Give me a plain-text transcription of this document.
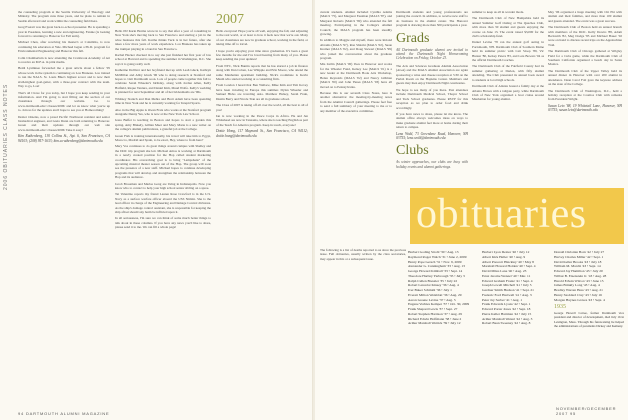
2006 OBITUARIES CLASS NOTES

the counseling program at the Seattle University of Theology and Ministry. The program runs three years, and he plans to remain in Seattle afterward and work within the counseling field there.

Greg Everett was the great back-to-school presenter. He is spending a year in Pasadena, learning a new and engineering. Fannie (is looking forward to returning to Hanover for Fall term).

Michael Chen, after receiving his master's at Columbia, is now continuing his education at Yale. Michael began a Ph.D. program for Environmental Engineering and Hanover this fall.

Colin Chamberlain is now attending the Cranbrook Academy of Art to receive an M.F.A. in print media.

Heidi Lyaminee forwarded me a great article about a fellow '05 whose work in the system is continuing on Lou Bruneau. Lou trained to run the NALS. St. Louis Blue's highest scorer and is now their sixth-highest goal-getter, with a three-year contract with the team. Way to go, Lou!

That's all I have for you today, but I hope you keep sending in your information. And I'm going to start filling out the section of our classmates through our website. Go to www.dartmouth.edu/~classes/2006/ and let us know what you're up to. Join us for the updates and I hope to see you at Homecoming!

Dexter Ornelas, now a proud Pacific Northwest resident and senior biomedical engineer, and Greta Dunn are both returning to Hanover. Green and their updates through our web site www.dartmouth.edu/~classes/2006/ Take it easy!

Kim Ruthenberg, 130 Collins St., Apt. 6, San Francisco, CA 94103; (208) 957-1633; kim.a.ruthenberg@dartmouth.edu

2006

Hello 06! Karin Herma wrote in to say that after a year of consulting in New York she's moving back to San Francisco and starting a job in the wine business this fall. Karthe thinks Tuck is in her future, after she takes a few more years of work experience. Lou Bruneau has taken up the trumpet playing in a band in San Francisco.

Rachel Hacker checked in to say she just finished her first year of law school at Harvard and is spending the summer in Washington, D.C. She says it is going really well.

Katherine Dolliver and her boyfriend met up with Leah Gluck, Kathryn McMillan and Abby Gluck '06 who is doing research at Stanford and hopes to visit Dartmouth soon. Lots of people came together this fall to celebrate Sarah Wheeler's birthday, along with Jordan Allen, Kelly Hatfield, Raque Ventura, and Daniel Kim, Maud Wolfe. Kelly's wedding is planned for next September and all of her bridesmaids are '06s.

Whitney Stanich and Dan Mehta and Brett Adam have been spending time in New York and he is currently working for Inrepid Sports.

Also in the Big Apple is Owen Frais who works at the Stanford program alongside Denny Yes, who is now at the New York Law School.

Jessa Buffet is teaching in Boston and hopes to start a garden this spring. Amy Blakely, Gillian Maer and Mary Marie is a new writer on the college's alumni publications, a grateful job at the College.

Green Fish is training internationally, his travel will take him to Egypt, Morocco, Madrid and Spain, to be exact, Hey, where to from here?

Mary Vos continues to do great things around campus with Shelley and the DOC trip program she led. Michael Amos is working at Dartmouth in a newly created position for the Hop called student marketing coordinator. His overarching goal is to bring "Lampshade" of the upcoming musical theater season out of the Hop. The group will soon see the presence of a new staff. Michael hopes to continue developing programs that will develop and strengthen the relationship between the Hop and its audience.

Jacob Brossman and Marisa Gong are living in Indianapolis. Now you know who to contact to help your high school senior sibling on a spree.

Tai Valentino reports my friend Lauren Rose Crawford is in the U.S. Navy as a surface warfare officer aboard the USS Nimitz. She is the lead officer in charge of the Engineering and Damage Control divisions. As the ship's damage control assistant, she is responsible for keeping the ship afloat should any harm be inflicted upon it.

In all seriousness, I'm sure we can think of some much better things to talk about in these columns. If you have any news you'd like to share, please send it to me. We can fill a whole page!

2007

Hello everyone! Hope you're all well, enjoying the fall, and adjusting to the real world, or at least to how it feels now that we're out. Many of our classmates are now in graduate school, working in the field, or taking time off to travel.

I hope you're enjoying your time since graduation. It's been a great few months for me and I've loved hearing from many of you. Please keep sending me your updates!

From NYC, Nick Buntin reports that he has started a job in finance along with Dan Cohen, Lee Whipple and Erin Moore, who attend the same Manhattan apartment building. Nick's roommate is Kevin Masih who started working at a consulting firm.

From London I heard that Ben Wallace, Mike Kim and Tim Kovey have been traveling in Europe this summer. Dylan Wheeler and Samuel Hicks are traveling Asia. Matthew Halsey, Sarah Frain, Dustin Berry and Nicole Tran are all in graduate school.

The Class of 2007 is taking off all over the world, all the best to all of you!

Ian is now working in the Peace Corps in Africa. He and Jen Whitehead are now in Tanzania, where she is teaching English as part of the Teach for America program. Keep in touch, everyone!

Dottie Hong, 117 Maynard St., San Francisco, CA 94112; dottie.hong@dartmouth.edu

94 DARTMOUTH ALUMNI MAGAZINE

current students. Alumni included Cynthia Adams (MALS '75), and Margaret Eastman (MALS '87), and Margaret Roberts (MALS '80) who attended the fall meeting. Participating in the College's Alumni Council, the MALS program has been steadily growing.

In addition to Maggie and myself, there were Roland Abrams (MALS '97), Ron Shlomi (MALS '02), Susie Kremer (MALS '02), and Doug Stewart (MALS '99) who joined the conversation about the graduate program.

Mia Zetlin (MALS '00) lives in Hanover and works for the Wheeler Fund, Kelsey Lee (MALS '01) is a new leader at the Dartmouth Book Arts Workshop, Helen Reynolds (MALS '02) and Nancy Gillman (MALS '00) and John Yunes (MALS '03) have all moved on to Pennsylvania.

Because this is our seventh Class Notes, here is another alternative: the meeting-by-meeting notes from the Alumni Council gatherings. Please feel free to send a full summary of your meeting to me or to any member of the executive committee.

Dartmouth students and young professionals are joining the council. In addition, to receive new staff to do business in the alumni center. The Hanover program is drawing more than 500 participants a year.

Grads
All Dartmouth graduate alumni are invited to attend the Dartmouth Night Homecoming Celebration on Friday, October 23.

The Arts and Sciences Graduate Alumni Association (AGA) and the MALS Alumni Association are again sponsoring a wine and cheese reception at 5:30 on the Parish Room on the Hopkins Center. Members and guests may then enjoy Dartmouth Night ceremonies.

We hope to see many of you there. Past attendees include Dartmouth Medical School, Thayer School and Tuck School graduates. Please RSVP for this reception as we plan to order food and drink accordingly.

If you have news to share, please let me know. The alumni office always welcomes ideas on ways to make graduate alumni feel more at home during their return to campus.

Lena Wold, 73 Greenlane Road, Hanover, NH 03755; lena.wold@dartmouth.edu

Clubs
As winter approaches, our clubs are busy with holiday events and alumni gatherings.

summer to keep us all in wonder mode.

The Dartmouth Club of New Hampshire held its annual Summer Golf Outing at The Quechee Club, with more than 30 alumni and guests enjoying the course on June 13. The event raised $3,000 for the club's scholarship fund.

Daniel Levine '70 ran the annual golf outing in Portsmouth, NH. Dartmouth Club of Southern Maine held its summer picnic with Cait Sloop '89, Vic Hunter '80, Kelsey Peters '83, and Lara Bowers '04 as the official Dartmouth Coaches.

The Dartmouth Club of the Fairfield County had its summer gathering at Darien, with fifty alumni attending. The Club presented its annual book award to students at local high schools.

Dartmouth Club of Atlanta hosted a family day at the Atlanta Braves with a tailgate party, while Dartmouth Club of New York organized a boat cruise around Manhattan for young alumni.

May '06 organized a huge meeting with Chi Phi with alumni and their families, and more than 100 alumni and guests attended. The event was a great success.

The Dartmouth Club of Boston held an annual brunch with members of the DOC. Kelly Downs '88, Adam Beckwith '82, Meg Dodge '85 and Michael Bauer '02 were on hand to discuss recent trips on the Appalachian Trail.

The Dartmouth Club of Chicago gathered at Wrigley Field for a Cubs game, while the Dartmouth Club of Southern California organized a beach day in Santa Monica.

The Dartmouth Club of the Upper Valley held its annual dinner in Hanover with over 200 alumni in attendance. Dean Carol Folt gave the keynote address on the state of the College.

The Dartmouth Club of Washington, D.C., held a holiday reception at the Cosmos Club with remarks from President Wright.

Susan Leto '88, 19 Whitetail Lane, Hanover, NH 03755; susan.leto@dartmouth.edu

obituaries
The following is a list of deaths reported to us since the previous issue. Full obituaries, usually written by the class secretaries, may appear in this or a subsequent issue.
Herbert Goding Strobl '30 • Aug. 13
Raymond Roger Walch '31 • June 2, 2009
Henry Pope Gersch '31 • Nov. 9, 2009
Alexander G. Cunningham '33 • Aug. 13
George Howard Kimball '33 • Sept. 14
Theodore Hartley Yarbrough '35 • July 3
Ralph Cullen Bressler '35 • July 22
Robert Lancelot Kinsey '36 • Aug. 4
Iver Baker Schmidt '36 • July 1
Everett Milton Weisblatt '36 • Aug. 29
Aaron Greene Levine '37 • Aug. 5
Eugene Vorhies Kemper '37 • Oct. 30, 2009
Frank Shepard Lewis '37 • Sept. 27
Robert Stephen Harrison '37 • Aug. 29
Richard Edwin Hoffmann '38 • June 2
Arthur Marshall Wettick '39 • July 12
Herbert Lyon Dexter '40 • July 12
Albert Kirk Heller '40 • Aug. 9
Albert Prescott Hinckley '40 • May 8
Marshall Howard Holden '40 • Sept. 4
David Miles Lane '40 • Aug. 23
Ernst Jerome Wenzel '40 • Mar. 11
Edward Graham Frantz '41 • Sept. 4
Joseph Lowell Mitchell '41 • July 5
Gardner Smith Hudson '41 • Sept. 21
Frederic Ford Hartwell '41 • Aug. 3
Peter Jay Sarber '41 • Aug. 1
Frank Edwards Lyons '42 • Sept. 1
Edward Porter Jones '42 • Sept. 18
Pierre Keller Hartman '42 • July 15
Arthur Marshall Wetzel '42 • Aug. 3
Robert Bean Sweeney '42 • Aug. 8
Donald Christian Born '42 • July 27
Harvey Charles Miller '42 • Sept. 1
David Keller Brooks '43 • July 18
William M. Marchi '43 • Sept. 14
Edward Jay Hamilton '43 • July 20
Wilbur B. Eisenstein Jr. '43 • Aug. 28
Harold Edwin Wilcox '43 • June 15
James Brinkly Long '43 • Aug. 4
Bradley Warren Hess '43 • Aug. 21
Henry Stoddard Clay '43 • July 16
Morgan Haynes Graves '43 • Sept. 4
1935
George Howell Cottee, former Dartmouth vice president and director of development, died July 16 in Lexington, Mass. Through his fund-raising he helped the administrations of presidents Dickey and Kemeny.
NOVEMBER/DECEMBER 2007 95
